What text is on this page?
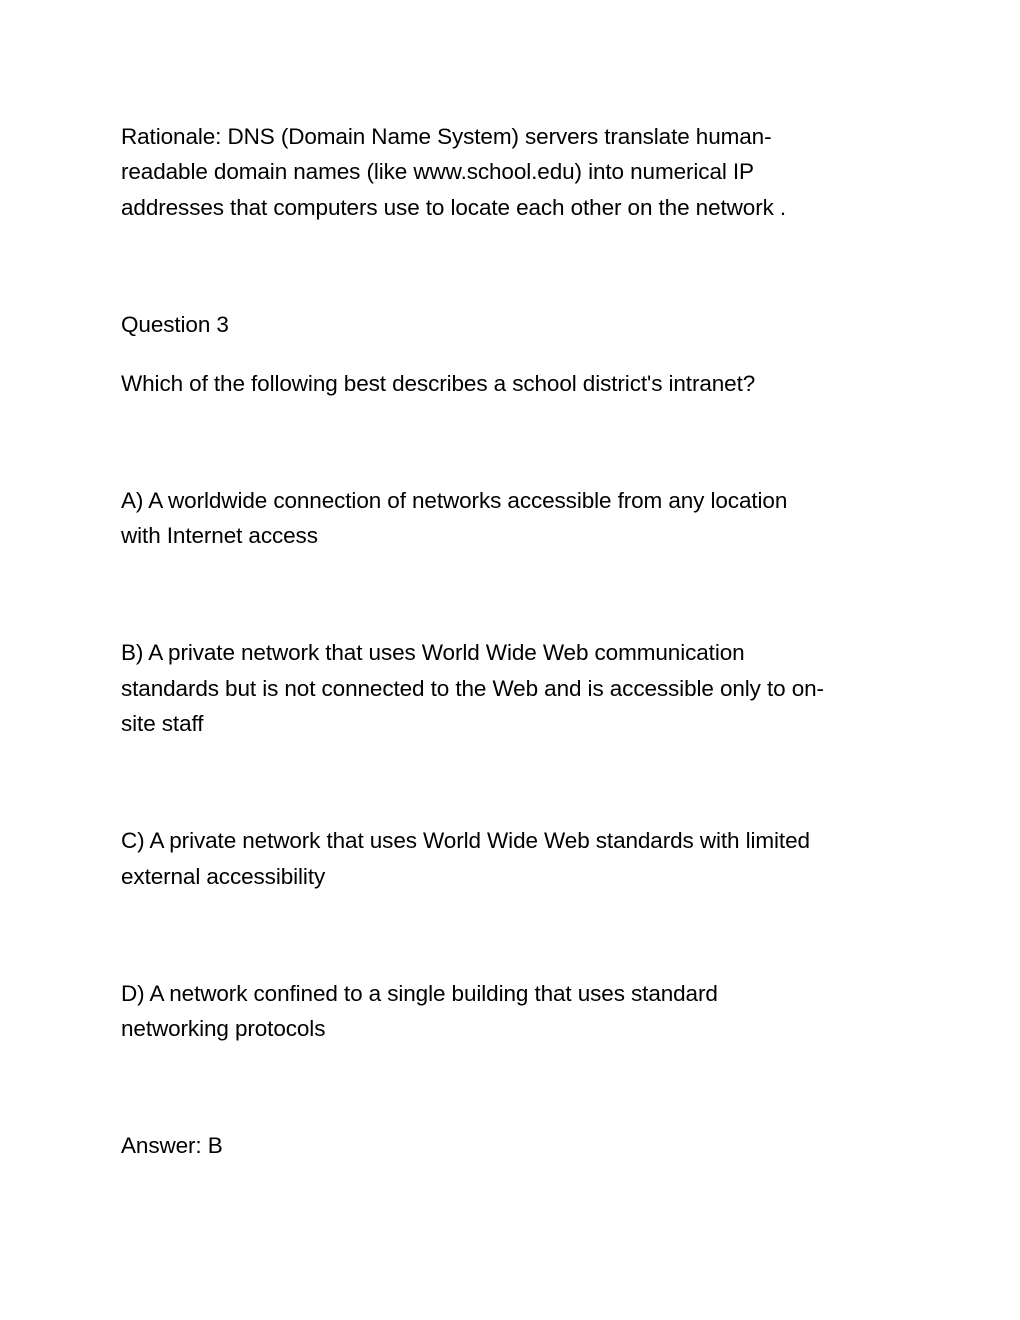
Rationale: DNS (Domain Name System) servers translate human-

readable domain names (like www.school.edu) into numerical IP

addresses that computers use to locate each other on the network .

Question 3

Which of the following best describes a school district's intranet?

A) A worldwide connection of networks accessible from any location

with Internet access

B) A private network that uses World Wide Web communication

standards but is not connected to the Web and is accessible only to on-

site staff

C) A private network that uses World Wide Web standards with limited

external accessibility

D) A network confined to a single building that uses standard

networking protocols

Answer: B
